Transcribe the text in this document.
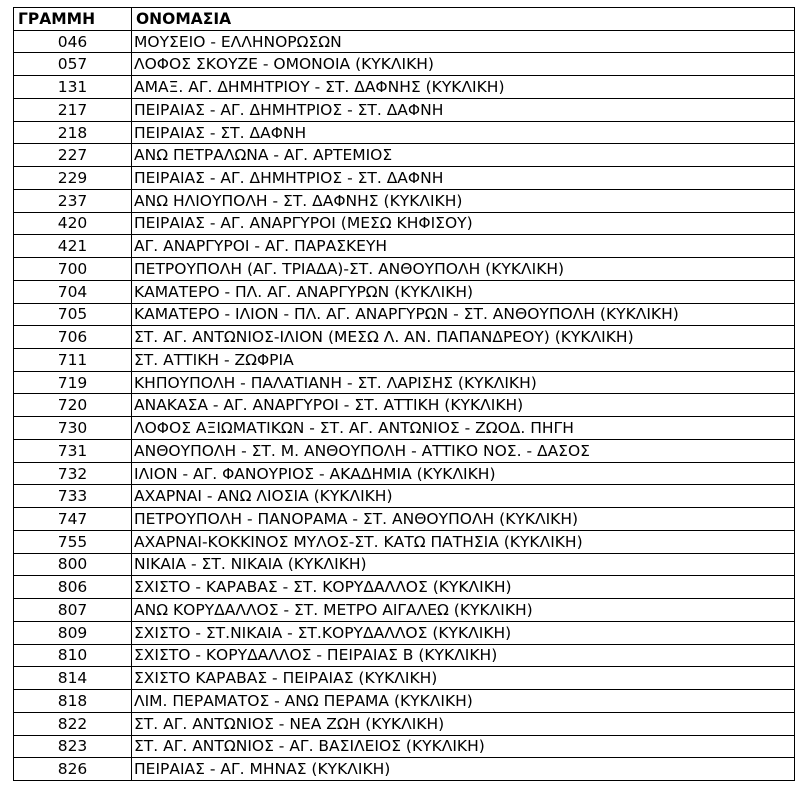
ΓΡΑΜΜΗ	ΟΝΟΜΑΣΙΑ
046	ΜΟΥΣΕΙΟ - ΕΛΛΗΝΟΡΩΣΩΝ
057	ΛΟΦΟΣ ΣΚΟΥΖΕ - ΟΜΟΝΟΙΑ (ΚΥΚΛΙΚΗ)
131	ΑΜΑΞ. ΑΓ. ΔΗΜΗΤΡΙΟΥ - ΣΤ. ΔΑΦΝΗΣ (ΚΥΚΛΙΚΗ)
217	ΠΕΙΡΑΙΑΣ - ΑΓ. ΔΗΜΗΤΡΙΟΣ - ΣΤ. ΔΑΦΝΗ
218	ΠΕΙΡΑΙΑΣ - ΣΤ. ΔΑΦΝΗ
227	ΑΝΩ ΠΕΤΡΑΛΩΝΑ - ΑΓ. ΑΡΤΕΜΙΟΣ
229	ΠΕΙΡΑΙΑΣ - ΑΓ. ΔΗΜΗΤΡΙΟΣ - ΣΤ. ΔΑΦΝΗ
237	ΑΝΩ ΗΛΙΟΥΠΟΛΗ - ΣΤ. ΔΑΦΝΗΣ (ΚΥΚΛΙΚΗ)
420	ΠΕΙΡΑΙΑΣ - ΑΓ. ΑΝΑΡΓΥΡΟΙ (ΜΕΣΩ ΚΗΦΙΣΟΥ)
421	ΑΓ. ΑΝΑΡΓΥΡΟΙ - ΑΓ. ΠΑΡΑΣΚΕΥΗ
700	ΠΕΤΡΟΥΠΟΛΗ (ΑΓ. ΤΡΙΑΔΑ)-ΣΤ. ΑΝΘΟΥΠΟΛΗ (ΚΥΚΛΙΚΗ)
704	ΚΑΜΑΤΕΡΟ - ΠΛ. ΑΓ. ΑΝΑΡΓΥΡΩΝ (ΚΥΚΛΙΚΗ)
705	ΚΑΜΑΤΕΡΟ - ΙΛΙΟΝ - ΠΛ. ΑΓ. ΑΝΑΡΓΥΡΩΝ - ΣΤ. ΑΝΘΟΥΠΟΛΗ (ΚΥΚΛΙΚΗ)
706	ΣΤ. ΑΓ. ΑΝΤΩΝΙΟΣ-ΙΛΙΟΝ (ΜΕΣΩ Λ. ΑΝ. ΠΑΠΑΝΔΡΕΟΥ) (ΚΥΚΛΙΚΗ)
711	ΣΤ. ΑΤΤΙΚΗ - ΖΩΦΡΙΑ
719	ΚΗΠΟΥΠΟΛΗ - ΠΑΛΑΤΙΑΝΗ - ΣΤ. ΛΑΡΙΣΗΣ (ΚΥΚΛΙΚΗ)
720	ΑΝΑΚΑΣΑ - ΑΓ. ΑΝΑΡΓΥΡΟΙ - ΣΤ. ΑΤΤΙΚΗ (ΚΥΚΛΙΚΗ)
730	ΛΟΦΟΣ ΑΞΙΩΜΑΤΙΚΩΝ - ΣΤ. ΑΓ. ΑΝΤΩΝΙΟΣ - ΖΩΟΔ. ΠΗΓΗ
731	ΑΝΘΟΥΠΟΛΗ - ΣΤ. Μ. ΑΝΘΟΥΠΟΛΗ - ΑΤΤΙΚΟ ΝΟΣ. - ΔΑΣΟΣ
732	ΙΛΙΟΝ - ΑΓ. ΦΑΝΟΥΡΙΟΣ - ΑΚΑΔΗΜΙΑ (ΚΥΚΛΙΚΗ)
733	ΑΧΑΡΝΑΙ - ΑΝΩ ΛΙΟΣΙΑ (ΚΥΚΛΙΚΗ)
747	ΠΕΤΡΟΥΠΟΛΗ - ΠΑΝΟΡΑΜΑ - ΣΤ. ΑΝΘΟΥΠΟΛΗ (ΚΥΚΛΙΚΗ)
755	ΑΧΑΡΝΑΙ-ΚΟΚΚΙΝΟΣ ΜΥΛΟΣ-ΣΤ. ΚΑΤΩ ΠΑΤΗΣΙΑ (ΚΥΚΛΙΚΗ)
800	ΝΙΚΑΙΑ - ΣΤ. ΝΙΚΑΙΑ (ΚΥΚΛΙΚΗ)
806	ΣΧΙΣΤΟ - ΚΑΡΑΒΑΣ - ΣΤ. ΚΟΡΥΔΑΛΛΟΣ (ΚΥΚΛΙΚΗ)
807	ΑΝΩ ΚΟΡΥΔΑΛΛΟΣ - ΣΤ. ΜΕΤΡΟ ΑΙΓΑΛΕΩ (ΚΥΚΛΙΚΗ)
809	ΣΧΙΣΤΟ - ΣΤ.ΝΙΚΑΙΑ - ΣΤ.ΚΟΡΥΔΑΛΛΟΣ (ΚΥΚΛΙΚΗ)
810	ΣΧΙΣΤΟ - ΚΟΡΥΔΑΛΛΟΣ - ΠΕΙΡΑΙΑΣ Β (ΚΥΚΛΙΚΗ)
814	ΣΧΙΣΤΟ ΚΑΡΑΒΑΣ - ΠΕΙΡΑΙΑΣ (ΚΥΚΛΙΚΗ)
818	ΛΙΜ. ΠΕΡΑΜΑΤΟΣ - ΑΝΩ ΠΕΡΑΜΑ (ΚΥΚΛΙΚΗ)
822	ΣΤ. ΑΓ. ΑΝΤΩΝΙΟΣ - ΝΕΑ ΖΩΗ (ΚΥΚΛΙΚΗ)
823	ΣΤ. ΑΓ. ΑΝΤΩΝΙΟΣ - ΑΓ. ΒΑΣΙΛΕΙΟΣ (ΚΥΚΛΙΚΗ)
826	ΠΕΙΡΑΙΑΣ - ΑΓ. ΜΗΝΑΣ (ΚΥΚΛΙΚΗ)
